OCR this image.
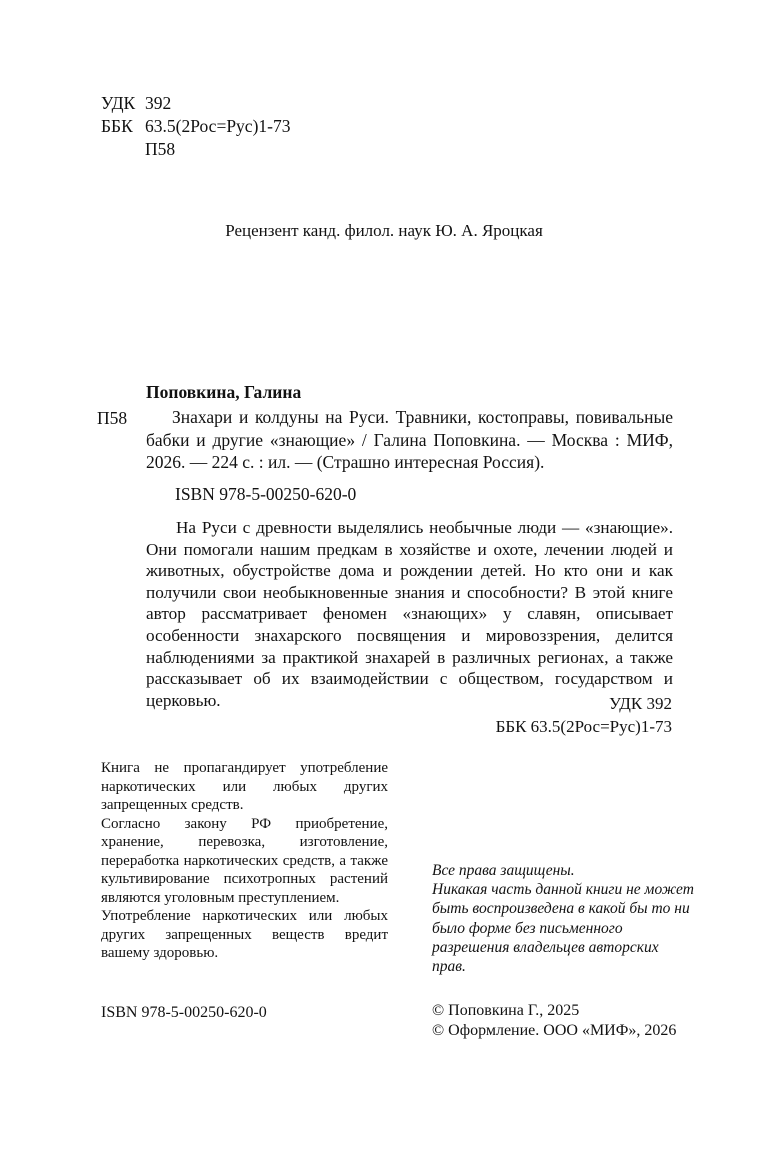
УДК 392
ББК 63.5(2Рос=Рус)1-73
П58
Рецензент канд. филол. наук Ю. А. Яроцкая
Поповкина, Галина
П58	Знахари и колдуны на Руси. Травники, костоправы, повивальные бабки и другие «знающие» / Галина Поповкина. — Москва : МИФ, 2026. — 224 с. : ил. — (Страшно интересная Россия).
ISBN 978-5-00250-620-0
На Руси с древности выделялись необычные люди — «знающие». Они помогали нашим предкам в хозяйстве и охоте, лечении людей и животных, обустройстве дома и рождении детей. Но кто они и как получили свои необыкновенные знания и способности? В этой книге автор рассматривает феномен «знающих» у славян, описывает особенности знахарского посвящения и мировоззрения, делится наблюдениями за практикой знахарей в различных регионах, а также рассказывает об их взаимодействии с обществом, государством и церковью.	УДК 392
ББК 63.5(2Рос=Рус)1-73

Книга не пропагандирует употребление наркотических или любых других запрещенных средств.

Согласно закону РФ приобретение, хранение, перевозка, изготовление, переработка наркотических средств, а также культивирование психотропных растений являются уголовным преступлением.

Употребление наркотических или любых других запрещенных веществ вредит вашему здоровью.

Все права защищены.
Никакая часть данной книги не может быть воспроизведена в какой бы то ни было форме без письменного разрешения владельцев авторских прав.
ISBN 978-5-00250-620-0	© Поповкина Г., 2025
© Оформление. ООО «МИФ», 2026
